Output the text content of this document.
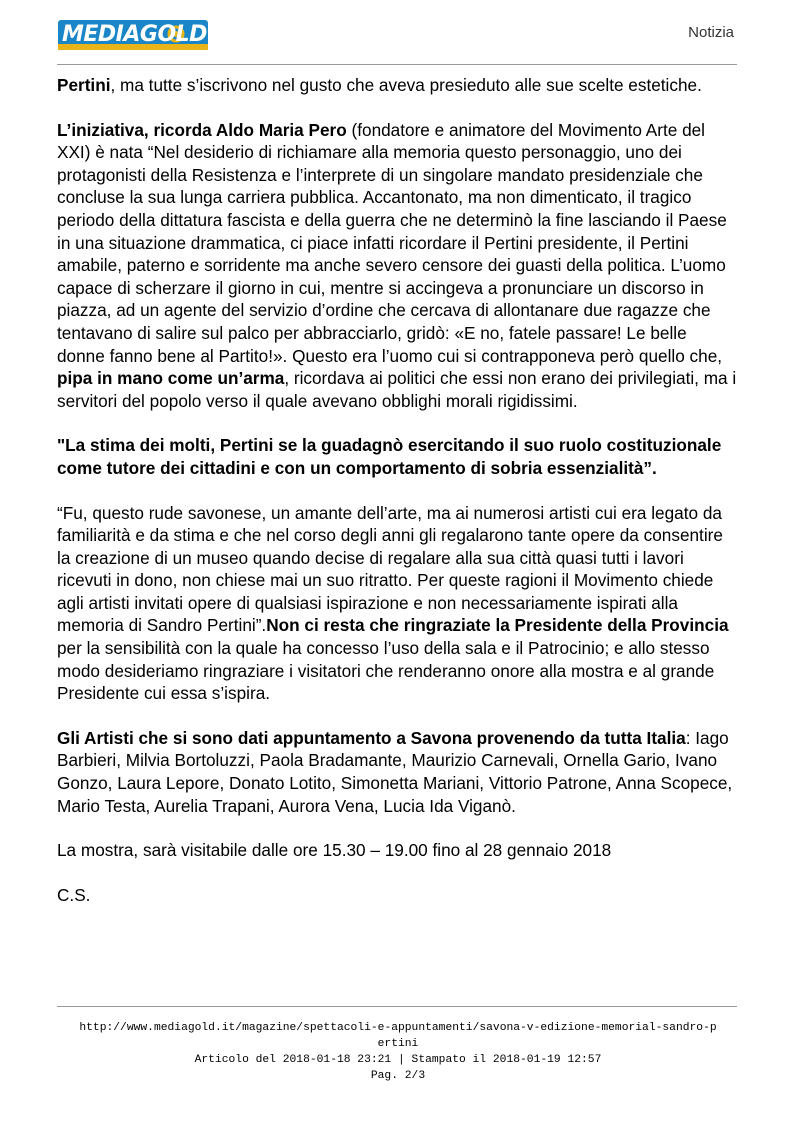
MEDIAGOLD	Notizia

Pertini, ma tutte s’iscrivono nel gusto che aveva presieduto alle sue scelte estetiche.

L’iniziativa, ricorda Aldo Maria Pero (fondatore e animatore del Movimento Arte del XXI) è nata “Nel desiderio di richiamare alla memoria questo personaggio, uno dei protagonisti della Resistenza e l’interprete di un singolare mandato presidenziale che concluse la sua lunga carriera pubblica. Accantonato, ma non dimenticato, il tragico periodo della dittatura fascista e della guerra che ne determinò la fine lasciando il Paese in una situazione drammatica, ci piace infatti ricordare il Pertini presidente, il Pertini amabile, paterno e sorridente ma anche severo censore dei guasti della politica. L’uomo capace di scherzare il giorno in cui, mentre si accingeva a pronunciare un discorso in piazza, ad un agente del servizio d’ordine che cercava di allontanare due ragazze che tentavano di salire sul palco per abbracciarlo, gridò: «E no, fatele passare! Le belle donne fanno bene al Partito!». Questo era l’uomo cui si contrapponeva però quello che, pipa in mano come un’arma, ricordava ai politici che essi non erano dei privilegiati, ma i servitori del popolo verso il quale avevano obblighi morali rigidissimi.

"La stima dei molti, Pertini se la guadagnò esercitando il suo ruolo costituzionale come tutore dei cittadini e con un comportamento di sobria essenzialità”.

“Fu, questo rude savonese, un amante dell’arte, ma ai numerosi artisti cui era legato da familiarità e da stima e che nel corso degli anni gli regalarono tante opere da consentire la creazione di un museo quando decise di regalare alla sua città quasi tutti i lavori ricevuti in dono, non chiese mai un suo ritratto. Per queste ragioni il Movimento chiede agli artisti invitati opere di qualsiasi ispirazione e non necessariamente ispirati alla memoria di Sandro Pertini”.Non ci resta che ringraziate la Presidente della Provincia per la sensibilità con la quale ha concesso l’uso della sala e il Patrocinio; e allo stesso modo desideriamo ringraziare i visitatori che renderanno onore alla mostra e al grande Presidente cui essa s’ispira.

Gli Artisti che si sono dati appuntamento a Savona provenendo da tutta Italia: Iago Barbieri, Milvia Bortoluzzi, Paola Bradamante, Maurizio Carnevali, Ornella Gario, Ivano Gonzo, Laura Lepore, Donato Lotito, Simonetta Mariani, Vittorio Patrone, Anna Scopece, Mario Testa, Aurelia Trapani, Aurora Vena, Lucia Ida Viganò.

La mostra, sarà visitabile dalle ore 15.30 – 19.00 fino al 28 gennaio 2018

C.S.

http://www.mediagold.it/magazine/spettacoli-e-appuntamenti/savona-v-edizione-memorial-sandro-p
ertini
Articolo del 2018-01-18 23:21 | Stampato il 2018-01-19 12:57
Pag. 2/3
